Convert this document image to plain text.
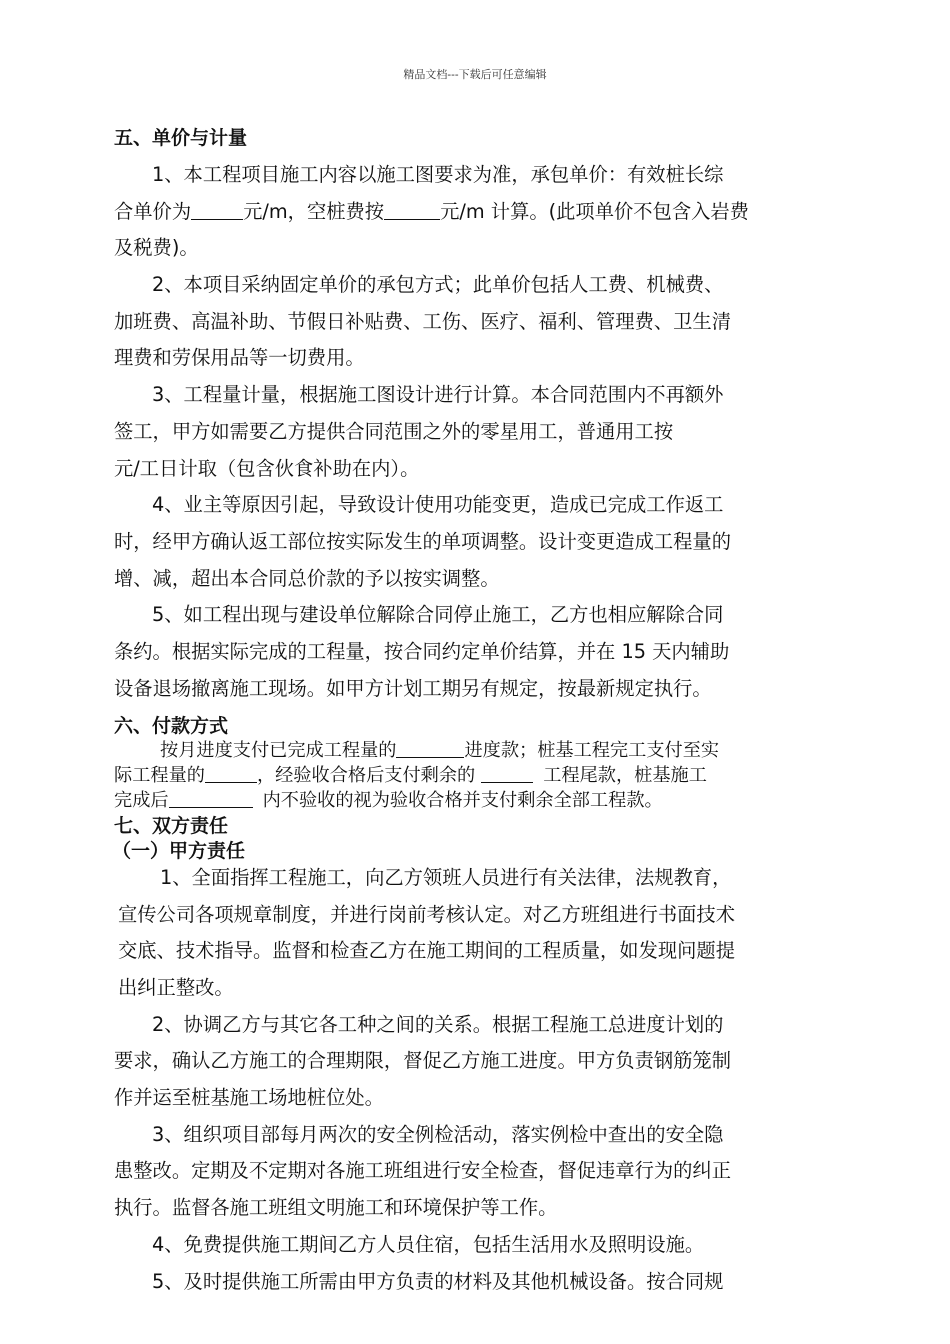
精品文档---下载后可任意编辑
五、单价与计量
1、本工程项目施工内容以施工图要求为准，承包单价：有效桩长综
合单价为	元/m，空桩费按	元/m 计算。(此项单价不包含入岩费
及税费)。
2、本项目采纳固定单价的承包方式；此单价包括人工费、机械费、
加班费、高温补助、节假日补贴费、工伤、医疗、福利、管理费、卫生清
理费和劳保用品等一切费用。
3、工程量计量，根据施工图设计进行计算。本合同范围内不再额外
签工，甲方如需要乙方提供合同范围之外的零星用工，普通用工按
元/工日计取（包含伙食补助在内）。
4、业主等原因引起，导致设计使用功能变更，造成已完成工作返工
时，经甲方确认返工部位按实际发生的单项调整。设计变更造成工程量的
增、减，超出本合同总价款的予以按实调整。
5、如工程出现与建设单位解除合同停止施工，乙方也相应解除合同
条约。根据实际完成的工程量，按合同约定单价结算，并在 15 天内辅助
设备退场撤离施工现场。如甲方计划工期另有规定，按最新规定执行。
六、付款方式
按月进度支付已完成工程量的	进度款；桩基工程完工支付至实
际工程量的	，经验收合格后支付剩余的	工程尾款，桩基施工
完成后	内不验收的视为验收合格并支付剩余全部工程款。
七、双方责任
（一）甲方责任
1、全面指挥工程施工，向乙方领班人员进行有关法律，法规教育，
宣传公司各项规章制度，并进行岗前考核认定。对乙方班组进行书面技术
交底、技术指导。监督和检查乙方在施工期间的工程质量，如发现问题提
出纠正整改。
2、协调乙方与其它各工种之间的关系。根据工程施工总进度计划的
要求，确认乙方施工的合理期限，督促乙方施工进度。甲方负责钢筋笼制
作并运至桩基施工场地桩位处。
3、组织项目部每月两次的安全例检活动，落实例检中查出的安全隐
患整改。定期及不定期对各施工班组进行安全检查，督促违章行为的纠正
执行。监督各施工班组文明施工和环境保护等工作。
4、免费提供施工期间乙方人员住宿，包括生活用水及照明设施。
5、及时提供施工所需由甲方负责的材料及其他机械设备。按合同规
